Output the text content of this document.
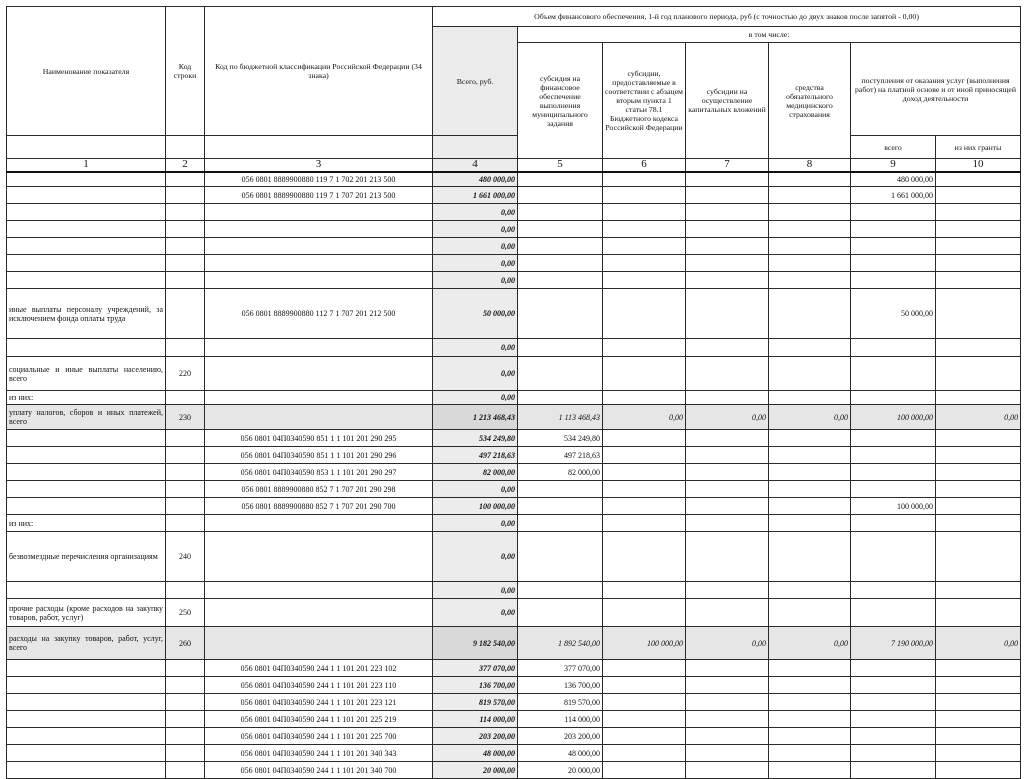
Наименование показателя	Код строки	Код по бюджетной классификации Российской Федерации (34 знака)	Объем финансового обеспечения, 1-й год планового периода, руб (с точностью до двух знаков после запятой - 0,00)						
			Всего, руб.	в том числе:					
				субсидия на финансовое обеспечение выполнения муниципального задания	субсидии, предоставляемые в соответствии с абзацем вторым пункта 1 статьи 78.1 Бюджетного кодекса Российской Федерации	субсидии на осуществление капитальных вложений	средства обязательного медицинского страхования	поступления от оказания услуг (выполнения работ) на платной основе и от иной приносящей доход деятельности	
								всего	из них гранты
1	2	3	4	5	6	7	8	9	10
		056 0801 8889900880 119 7 1 702 201 213 500	480 000,00					480 000,00	
		056 0801 8889900880 119 7 1 707 201 213 500	1 661 000,00					1 661 000,00	
			0,00						
			0,00						
			0,00						
			0,00						
			0,00						
иные выплаты персоналу учреждений, за исключением фонда оплаты труда		056 0801 8889900880 112 7 1 707 201 212 500	50 000,00					50 000,00	
			0,00						
социальные и иные выплаты населению, всего	220		0,00						
из них:			0,00						
уплату налогов, сборов и иных платежей, всего	230		1 213 468,43	1 113 468,43	0,00	0,00	0,00	100 000,00	0,00
		056 0801 04П0340590 851 1 1 101 201 290 295	534 249,80	534 249,80					
		056 0801 04П0340590 851 1 1 101 201 290 296	497 218,63	497 218,63					
		056 0801 04П0340590 853 1 1 101 201 290 297	82 000,00	82 000,00					
		056 0801 8889900880 852 7 1 707 201 290 298	0,00						
		056 0801 8889900880 852 7 1 707 201 290 700	100 000,00					100 000,00	
из них:			0,00						
безвозмездные перечисления организациям	240		0,00						
			0,00						
прочие расходы (кроме расходов на закупку товаров, работ, услуг)	250		0,00						
расходы на закупку товаров, работ, услуг, всего	260		9 182 540,00	1 892 540,00	100 000,00	0,00	0,00	7 190 000,00	0,00
		056 0801 04П0340590 244 1 1 101 201 223 102	377 070,00	377 070,00					
		056 0801 04П0340590 244 1 1 101 201 223 110	136 700,00	136 700,00					
		056 0801 04П0340590 244 1 1 101 201 223 121	819 570,00	819 570,00					
		056 0801 04П0340590 244 1 1 101 201 225 219	114 000,00	114 000,00					
		056 0801 04П0340590 244 1 1 101 201 225 700	203 200,00	203 200,00					
		056 0801 04П0340590 244 1 1 101 201 340 343	48 000,00	48 000,00					
		056 0801 04П0340590 244 1 1 101 201 340 700	20 000,00	20 000,00					
